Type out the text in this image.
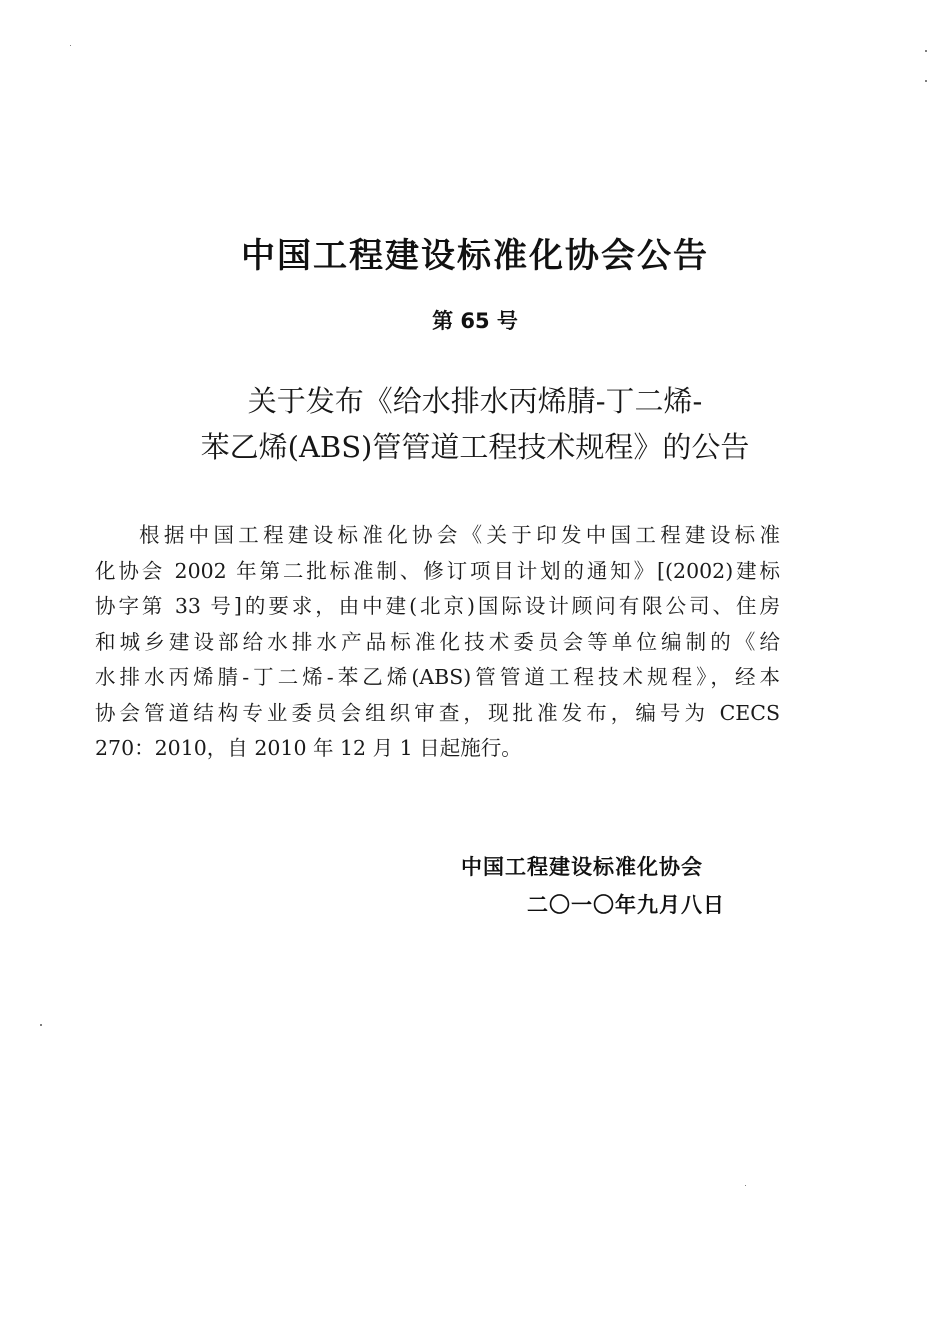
中国工程建设标准化协会公告
第 65 号
关于发布《给水排水丙烯腈-丁二烯-
苯乙烯(ABS)管管道工程技术规程》的公告
根据中国工程建设标准化协会《关于印发中国工程建设标准
化协会 2002 年第二批标准制、修订项目计划的通知》[(2002)建标
协字第 33 号]的要求，由中建(北京)国际设计顾问有限公司、住房
和城乡建设部给水排水产品标准化技术委员会等单位编制的《给
水排水丙烯腈-丁二烯-苯乙烯(ABS)管管道工程技术规程》，经本
协会管道结构专业委员会组织审查，现批准发布，编号为 CECS
270：2010，自 2010 年 12 月 1 日起施行。
中国工程建设标准化协会
二〇一〇年九月八日
